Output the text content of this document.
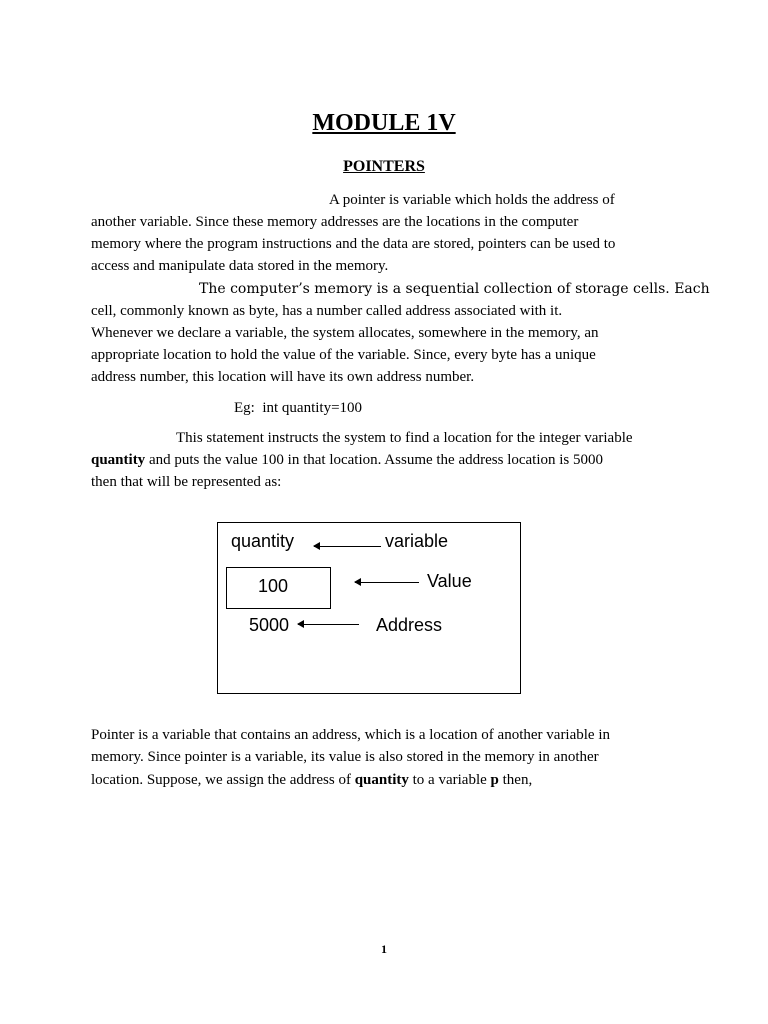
MODULE 1V
POINTERS
A pointer is variable which holds the address of
another variable. Since these memory addresses are the locations in the computer
memory where the program instructions and the data are stored, pointers can be used to
access and manipulate data stored in the memory.
The computer’s memory is a sequential collection of storage cells. Each
cell, commonly known as byte, has a number called address associated with it.
Whenever we declare a variable, the system allocates, somewhere in the memory, an
appropriate location to hold the value of the variable. Since, every byte has a unique
address number, this location will have its own address number.
Eg:  int quantity=100
This statement instructs the system to find a location for the integer variable
quantity and puts the value 100 in that location. Assume the address location is 5000
then that will be represented as:
quantity	variable
100	Value
5000	Address
Pointer is a variable that contains an address, which is a location of another variable in
memory. Since pointer is a variable, its value is also stored in the memory in another
location. Suppose, we assign the address of quantity to a variable p then,
1
